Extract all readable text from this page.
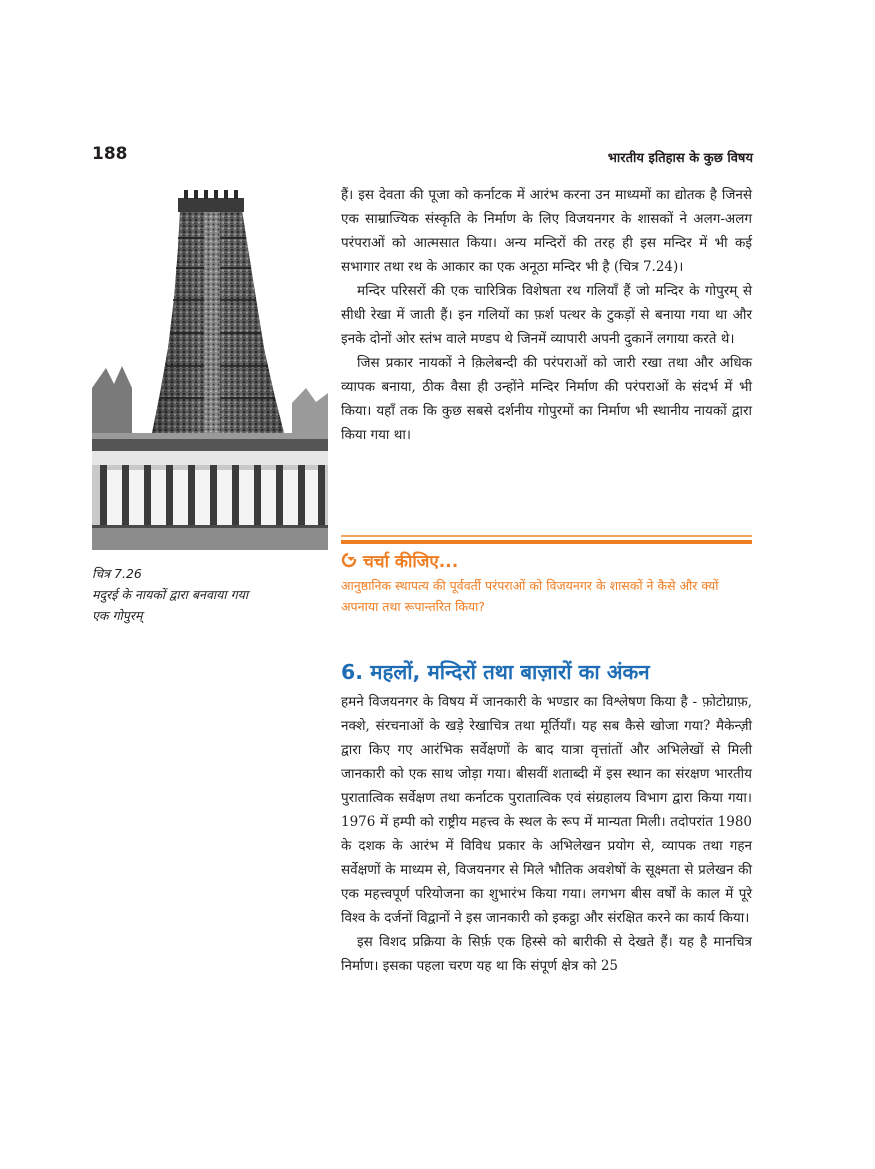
188	भारतीय इतिहास के कुछ विषय
चित्र 7.26
मदुरई के नायकों द्वारा बनवाया गया
एक गोपुरम्

हैं। इस देवता की पूजा को कर्नाटक में आरंभ करना उन माध्यमों का द्योतक है जिनसे एक साम्राज्यिक संस्कृति के निर्माण के लिए विजयनगर के शासकों ने अलग-अलग परंपराओं को आत्मसात किया। अन्य मन्दिरों की तरह ही इस मन्दिर में भी कई सभागार तथा रथ के आकार का एक अनूठा मन्दिर भी है (चित्र 7.24)।

मन्दिर परिसरों की एक चारित्रिक विशेषता रथ गलियाँ हैं जो मन्दिर के गोपुरम् से सीधी रेखा में जाती हैं। इन गलियों का फ़र्श पत्थर के टुकड़ों से बनाया गया था और इनके दोनों ओर स्तंभ वाले मण्डप थे जिनमें व्यापारी अपनी दुकानें लगाया करते थे।

जिस प्रकार नायकों ने क़िलेबन्दी की परंपराओं को जारी रखा तथा और अधिक व्यापक बनाया, ठीक वैसा ही उन्होंने मन्दिर निर्माण की परंपराओं के संदर्भ में भी किया। यहाँ तक कि कुछ सबसे दर्शनीय गोपुरमों का निर्माण भी स्थानीय नायकों द्वारा किया गया था।

चर्चा कीजिए...
आनुष्ठानिक स्थापत्य की पूर्ववर्ती परंपराओं को विजयनगर के शासकों ने कैसे और क्यों अपनाया तथा रूपान्तरित किया?
6. महलों, मन्दिरों तथा बाज़ारों का अंकन

हमने विजयनगर के विषय में जानकारी के भण्डार का विश्लेषण किया है - फ़ोटोग्राफ़, नक्शे, संरचनाओं के खड़े रेखाचित्र तथा मूर्तियाँ। यह सब कैसे खोजा गया? मैकेन्ज़ी द्वारा किए गए आरंभिक सर्वेक्षणों के बाद यात्रा वृत्तांतों और अभिलेखों से मिली जानकारी को एक साथ जोड़ा गया। बीसवीं शताब्दी में इस स्थान का संरक्षण भारतीय पुरातात्विक सर्वेक्षण तथा कर्नाटक पुरातात्विक एवं संग्रहालय विभाग द्वारा किया गया। 1976 में हम्पी को राष्ट्रीय महत्त्व के स्थल के रूप में मान्यता मिली। तदोपरांत 1980 के दशक के आरंभ में विविध प्रकार के अभिलेखन प्रयोग से, व्यापक तथा गहन सर्वेक्षणों के माध्यम से, विजयनगर से मिले भौतिक अवशेषों के सूक्ष्मता से प्रलेखन की एक महत्त्वपूर्ण परियोजना का शुभारंभ किया गया। लगभग बीस वर्षों के काल में पूरे विश्व के दर्जनों विद्वानों ने इस जानकारी को इकट्ठा और संरक्षित करने का कार्य किया।

इस विशद प्रक्रिया के सिर्फ़ एक हिस्से को बारीकी से देखते हैं। यह है मानचित्र निर्माण। इसका पहला चरण यह था कि संपूर्ण क्षेत्र को 25
